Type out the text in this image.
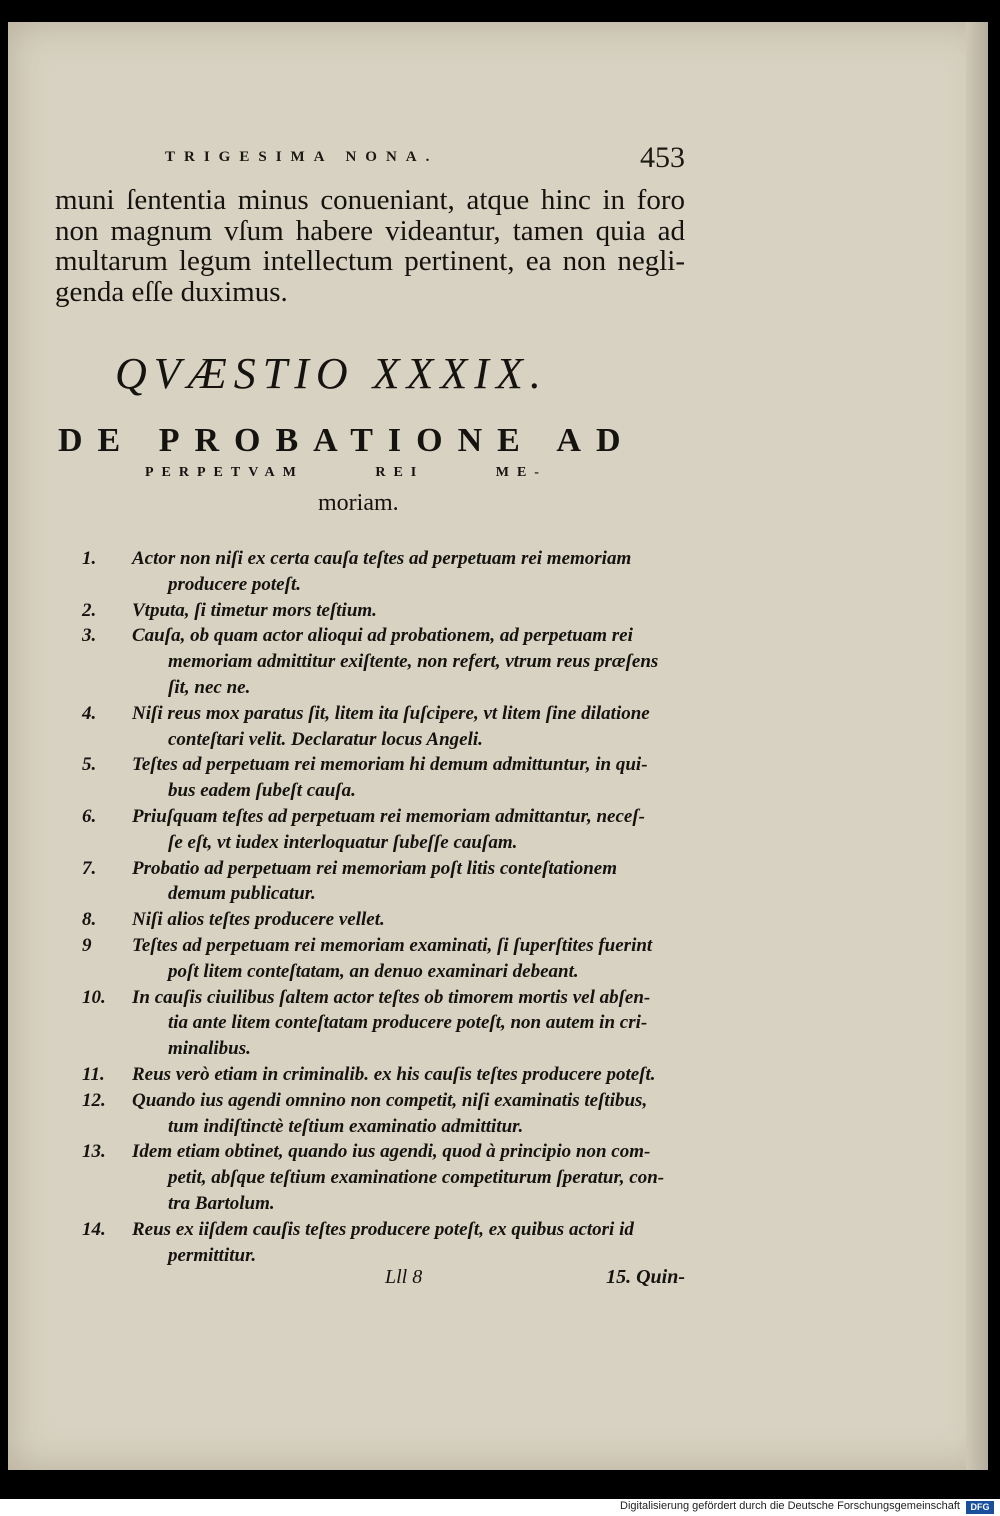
TRIGESIMA NONA.	453
muni ſententia minus conueniant, atque hinc in foro
non magnum vſum habere videantur, tamen quia ad
multarum legum intellectum pertinent, ea non negli-
genda eſſe duximus.
QVÆSTIO XXXIX.
DE PROBATIONE AD
PERPETVAM REI ME-
moriam.
1.	Actor non niſi ex certa cauſa teſtes ad perpetuam rei memoriam
producere poteſt.
2.	Vtputa, ſi timetur mors teſtium.
3.	Cauſa, ob quam actor alioqui ad probationem, ad perpetuam rei
memoriam admittitur exiſtente, non refert, vtrum reus præſens
ſit, nec ne.
4.	Niſi reus mox paratus ſit, litem ita ſuſcipere, vt litem ſine dilatione
conteſtari velit. Declaratur locus Angeli.
5.	Teſtes ad perpetuam rei memoriam hi demum admittuntur, in qui-
bus eadem ſubeſt cauſa.
6.	Priuſquam teſtes ad perpetuam rei memoriam admittantur, neceſ-
ſe eſt, vt iudex interloquatur ſubeſſe cauſam.
7.	Probatio ad perpetuam rei memoriam poſt litis conteſtationem
demum publicatur.
8.	Niſi alios teſtes producere vellet.
9	Teſtes ad perpetuam rei memoriam examinati, ſi ſuperſtites fuerint
poſt litem conteſtatam, an denuo examinari debeant.
10.	In cauſis ciuilibus ſaltem actor teſtes ob timorem mortis vel abſen-
tia ante litem conteſtatam producere poteſt, non autem in cri-
minalibus.
11.	Reus verò etiam in criminalib. ex his cauſis teſtes producere poteſt.
12.	Quando ius agendi omnino non competit, niſi examinatis teſtibus,
tum indiſtinctè teſtium examinatio admittitur.
13.	Idem etiam obtinet, quando ius agendi, quod à principio non com-
petit, abſque teſtium examinatione competiturum ſperatur, con-
tra Bartolum.
14.	Reus ex iiſdem cauſis teſtes producere poteſt, ex quibus actori id
permittitur.
Lll 8	15. Quin-
Digitalisierung gefördert durch die Deutsche Forschungsgemeinschaft	DFG
